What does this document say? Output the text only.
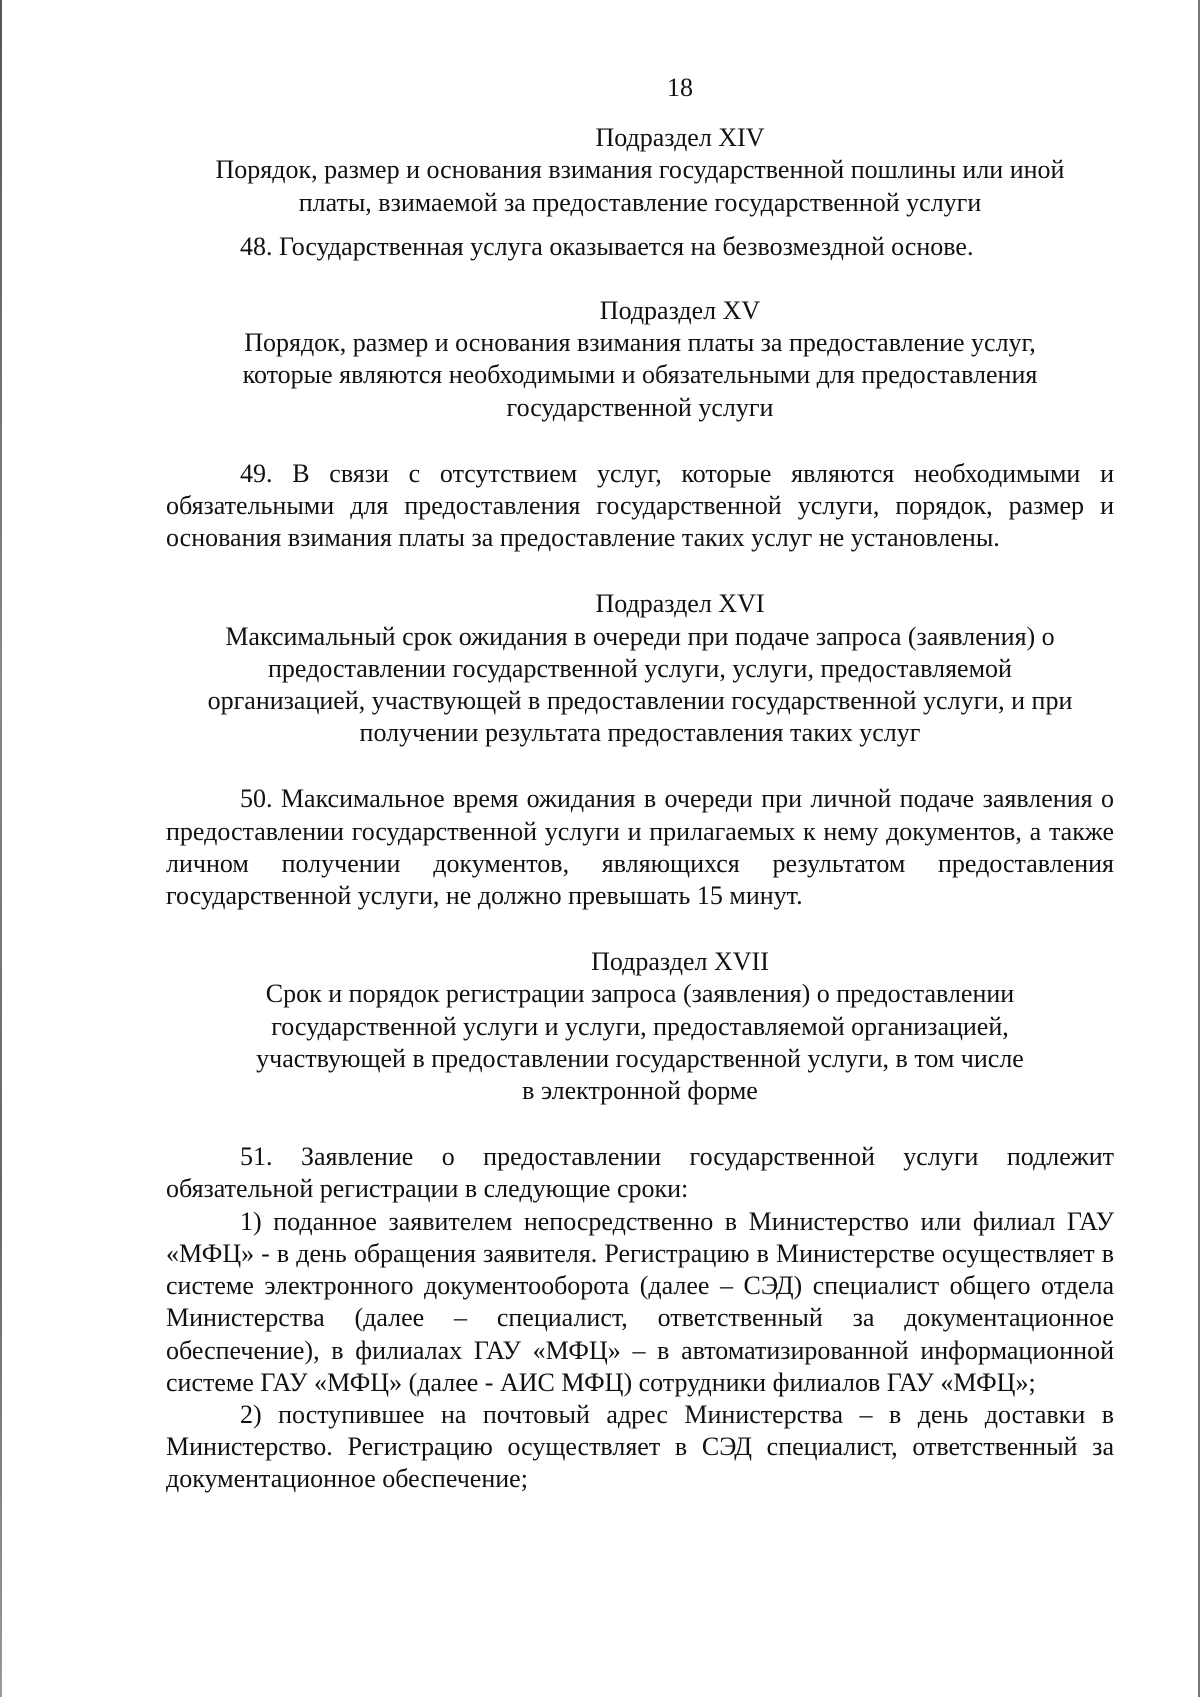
18
Подраздел XIV
Порядок, размер и основания взимания государственной пошлины или иной
платы, взимаемой за предоставление государственной услуги

48. Государственная услуга оказывается на безвозмездной основе.

Подраздел XV
Порядок, размер и основания взимания платы за предоставление услуг,
которые являются необходимыми и обязательными для предоставления
государственной услуги

49. В связи с отсутствием услуг, которые являются необходимыми и обязательными для предоставления государственной услуги, порядок, размер и основания взимания платы за предоставление таких услуг не установлены.

Подраздел XVI
Максимальный срок ожидания в очереди при подаче запроса (заявления) о
предоставлении государственной услуги, услуги, предоставляемой
организацией, участвующей в предоставлении государственной услуги, и при
получении результата предоставления таких услуг

50. Максимальное время ожидания в очереди при личной подаче заявления о предоставлении государственной услуги и прилагаемых к нему документов, а также личном получении документов, являющихся результатом предоставления государственной услуги, не должно превышать 15 минут.

Подраздел XVII
Срок и порядок регистрации запроса (заявления) о предоставлении
государственной услуги и услуги, предоставляемой организацией,
участвующей в предоставлении государственной услуги, в том числе
в электронной форме

51. Заявление о предоставлении государственной услуги подлежит обязательной регистрации в следующие сроки:

1) поданное заявителем непосредственно в Министерство или филиал ГАУ «МФЦ» - в день обращения заявителя. Регистрацию в Министерстве осуществляет в системе электронного документооборота (далее – СЭД) специалист общего отдела Министерства (далее – специалист, ответственный за документационное обеспечение), в филиалах ГАУ «МФЦ» – в автоматизированной информационной системе ГАУ «МФЦ» (далее - АИС МФЦ) сотрудники филиалов ГАУ «МФЦ»;

2) поступившее на почтовый адрес Министерства – в день доставки в Министерство. Регистрацию осуществляет в СЭД специалист, ответственный за документационное обеспечение;
